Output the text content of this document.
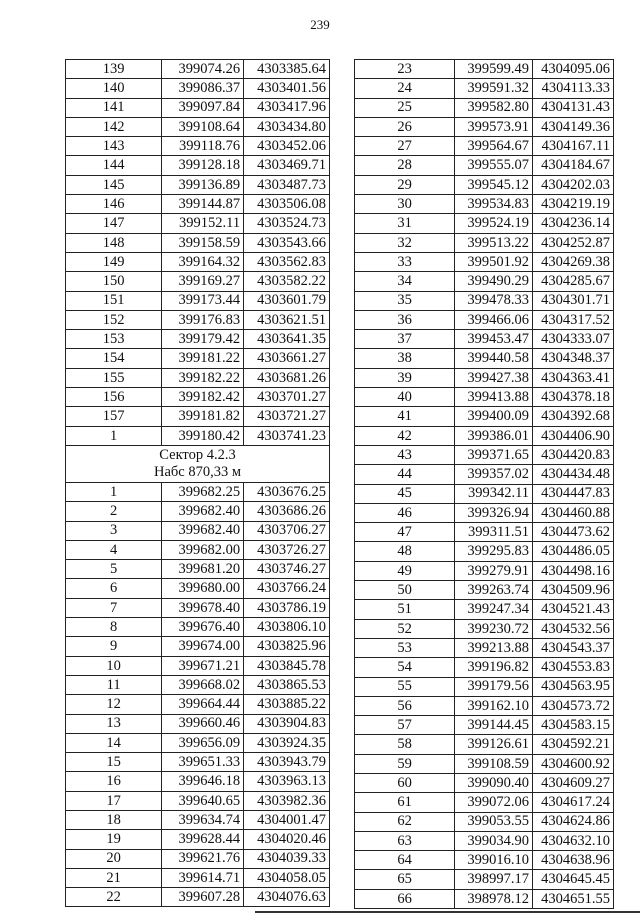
239
139	399074.26	4303385.64
140	399086.37	4303401.56
141	399097.84	4303417.96
142	399108.64	4303434.80
143	399118.76	4303452.06
144	399128.18	4303469.71
145	399136.89	4303487.73
146	399144.87	4303506.08
147	399152.11	4303524.73
148	399158.59	4303543.66
149	399164.32	4303562.83
150	399169.27	4303582.22
151	399173.44	4303601.79
152	399176.83	4303621.51
153	399179.42	4303641.35
154	399181.22	4303661.27
155	399182.22	4303681.26
156	399182.42	4303701.27
157	399181.82	4303721.27
1	399180.42	4303741.23

Сектор 4.2.3
Набс 870,33 м		

1	399682.25	4303676.25
2	399682.40	4303686.26
3	399682.40	4303706.27
4	399682.00	4303726.27
5	399681.20	4303746.27
6	399680.00	4303766.24
7	399678.40	4303786.19
8	399676.40	4303806.10
9	399674.00	4303825.96
10	399671.21	4303845.78
11	399668.02	4303865.53
12	399664.44	4303885.22
13	399660.46	4303904.83
14	399656.09	4303924.35
15	399651.33	4303943.79
16	399646.18	4303963.13
17	399640.65	4303982.36
18	399634.74	4304001.47
19	399628.44	4304020.46
20	399621.76	4304039.33
21	399614.71	4304058.05
22	399607.28	4304076.63
23	399599.49	4304095.06
24	399591.32	4304113.33
25	399582.80	4304131.43
26	399573.91	4304149.36
27	399564.67	4304167.11
28	399555.07	4304184.67
29	399545.12	4304202.03
30	399534.83	4304219.19
31	399524.19	4304236.14
32	399513.22	4304252.87
33	399501.92	4304269.38
34	399490.29	4304285.67
35	399478.33	4304301.71
36	399466.06	4304317.52
37	399453.47	4304333.07
38	399440.58	4304348.37
39	399427.38	4304363.41
40	399413.88	4304378.18
41	399400.09	4304392.68
42	399386.01	4304406.90
43	399371.65	4304420.83
44	399357.02	4304434.48
45	399342.11	4304447.83
46	399326.94	4304460.88
47	399311.51	4304473.62
48	399295.83	4304486.05
49	399279.91	4304498.16
50	399263.74	4304509.96
51	399247.34	4304521.43
52	399230.72	4304532.56
53	399213.88	4304543.37
54	399196.82	4304553.83
55	399179.56	4304563.95
56	399162.10	4304573.72
57	399144.45	4304583.15
58	399126.61	4304592.21
59	399108.59	4304600.92
60	399090.40	4304609.27
61	399072.06	4304617.24
62	399053.55	4304624.86
63	399034.90	4304632.10
64	399016.10	4304638.96
65	398997.17	4304645.45
66	398978.12	4304651.55
